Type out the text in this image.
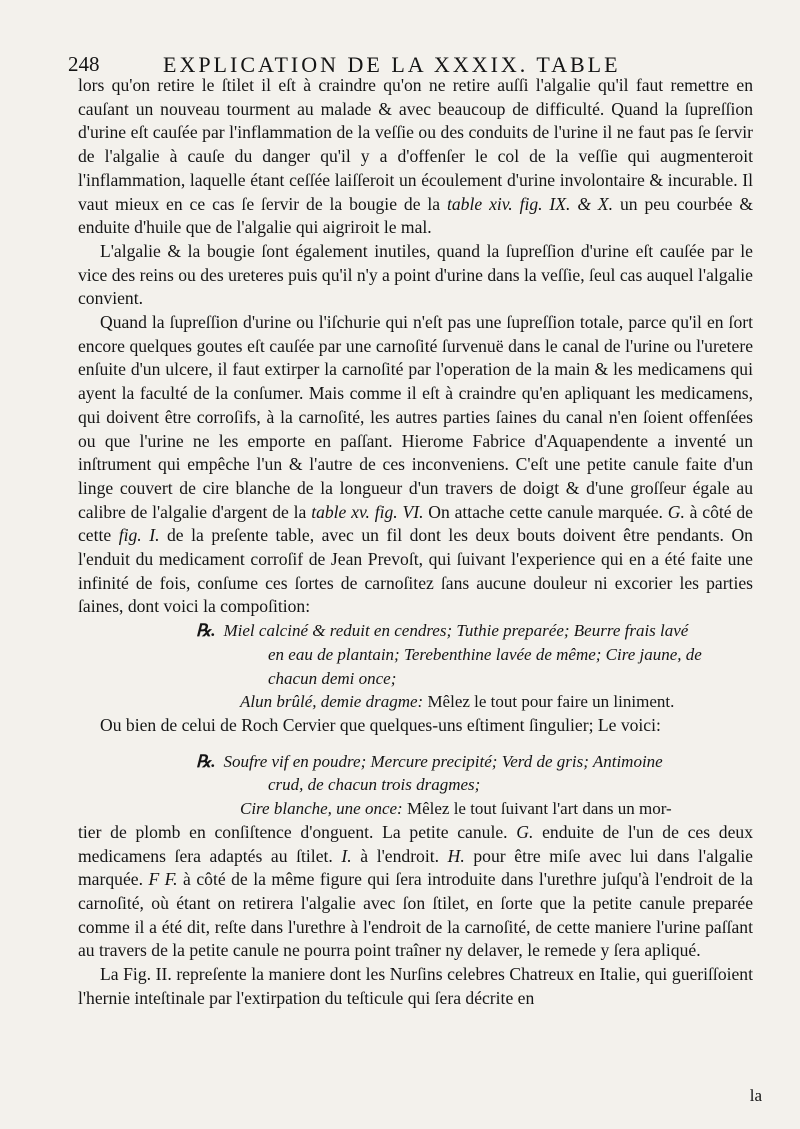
248	EXPLICATION DE LA XXXIX. TABLE

lors qu'on retire le ſtilet il eſt à craindre qu'on ne retire auſſi l'algalie qu'il faut remettre en cauſant un nouveau tourment au malade & avec beaucoup de difficulté. Quand la ſupreſſion d'urine eſt cauſée par l'inflammation de la veſſie ou des conduits de l'urine il ne faut pas ſe ſervir de l'algalie à cauſe du danger qu'il y a d'offenſer le col de la veſſie qui augmenteroit l'inflammation, laquelle étant ceſſée laiſſeroit un écoulement d'urine involontaire & incurable. Il vaut mieux en ce cas ſe ſervir de la bougie de la table xiv. fig. IX. & X. un peu courbée & enduite d'huile que de l'algalie qui aigriroit le mal.

L'algalie & la bougie ſont également inutiles, quand la ſupreſſion d'urine eſt cauſée par le vice des reins ou des ureteres puis qu'il n'y a point d'urine dans la veſſie, ſeul cas auquel l'algalie convient.

Quand la ſupreſſion d'urine ou l'iſchurie qui n'eſt pas une ſupreſſion totale, parce qu'il en ſort encore quelques goutes eſt cauſée par une carnoſité ſurvenuë dans le canal de l'urine ou l'uretere enſuite d'un ulcere, il faut extirper la carnoſité par l'operation de la main & les medicamens qui ayent la faculté de la conſumer. Mais comme il eſt à craindre qu'en apliquant les medicamens, qui doivent être corroſifs, à la carnoſité, les autres parties ſaines du canal n'en ſoient offenſées ou que l'urine ne les emporte en paſſant. Hierome Fabrice d'Aquapendente a inventé un inſtrument qui empêche l'un & l'autre de ces inconveniens. C'eſt une petite canule faite d'un linge couvert de cire blanche de la longueur d'un travers de doigt & d'une groſſeur égale au calibre de l'algalie d'argent de la table xv. fig. VI. On attache cette canule marquée. G. à côté de cette fig. I. de la preſente table, avec un fil dont les deux bouts doivent être pendants. On l'enduit du medicament corroſif de Jean Prevoſt, qui ſuivant l'experience qui en a été faite une infinité de fois, conſume ces ſortes de carnoſitez ſans aucune douleur ni excorier les parties ſaines, dont voici la compoſition:

℞. Miel calciné & reduit en cendres; Tuthie preparée; Beurre frais lavé
en eau de plantain; Terebenthine lavée de même; Cire jaune, de
chacun demi once;
Alun brûlé, demie dragme: Mêlez le tout pour faire un liniment.

Ou bien de celui de Roch Cervier que quelques-uns eſtiment ſingulier; Le voici:

℞. Soufre vif en poudre; Mercure precipité; Verd de gris; Antimoine
crud, de chacun trois dragmes;
Cire blanche, une once: Mêlez le tout ſuivant l'art dans un mor-

tier de plomb en conſiſtence d'onguent. La petite canule. G. enduite de l'un de ces deux medicamens ſera adaptés au ſtilet. I. à l'endroit. H. pour être miſe avec lui dans l'algalie marquée. F F. à côté de la même figure qui ſera introduite dans l'urethre juſqu'à l'endroit de la carnoſité, où étant on retirera l'algalie avec ſon ſtilet, en ſorte que la petite canule preparée comme il a été dit, reſte dans l'urethre à l'endroit de la carnoſité, de cette maniere l'urine paſſant au travers de la petite canule ne pourra point traîner ny delaver, le remede y ſera apliqué.

La Fig. II. repreſente la maniere dont les Nurſins celebres Chatreux en Italie, qui gueriſſoient l'hernie inteſtinale par l'extirpation du teſticule qui ſera décrite en

la
